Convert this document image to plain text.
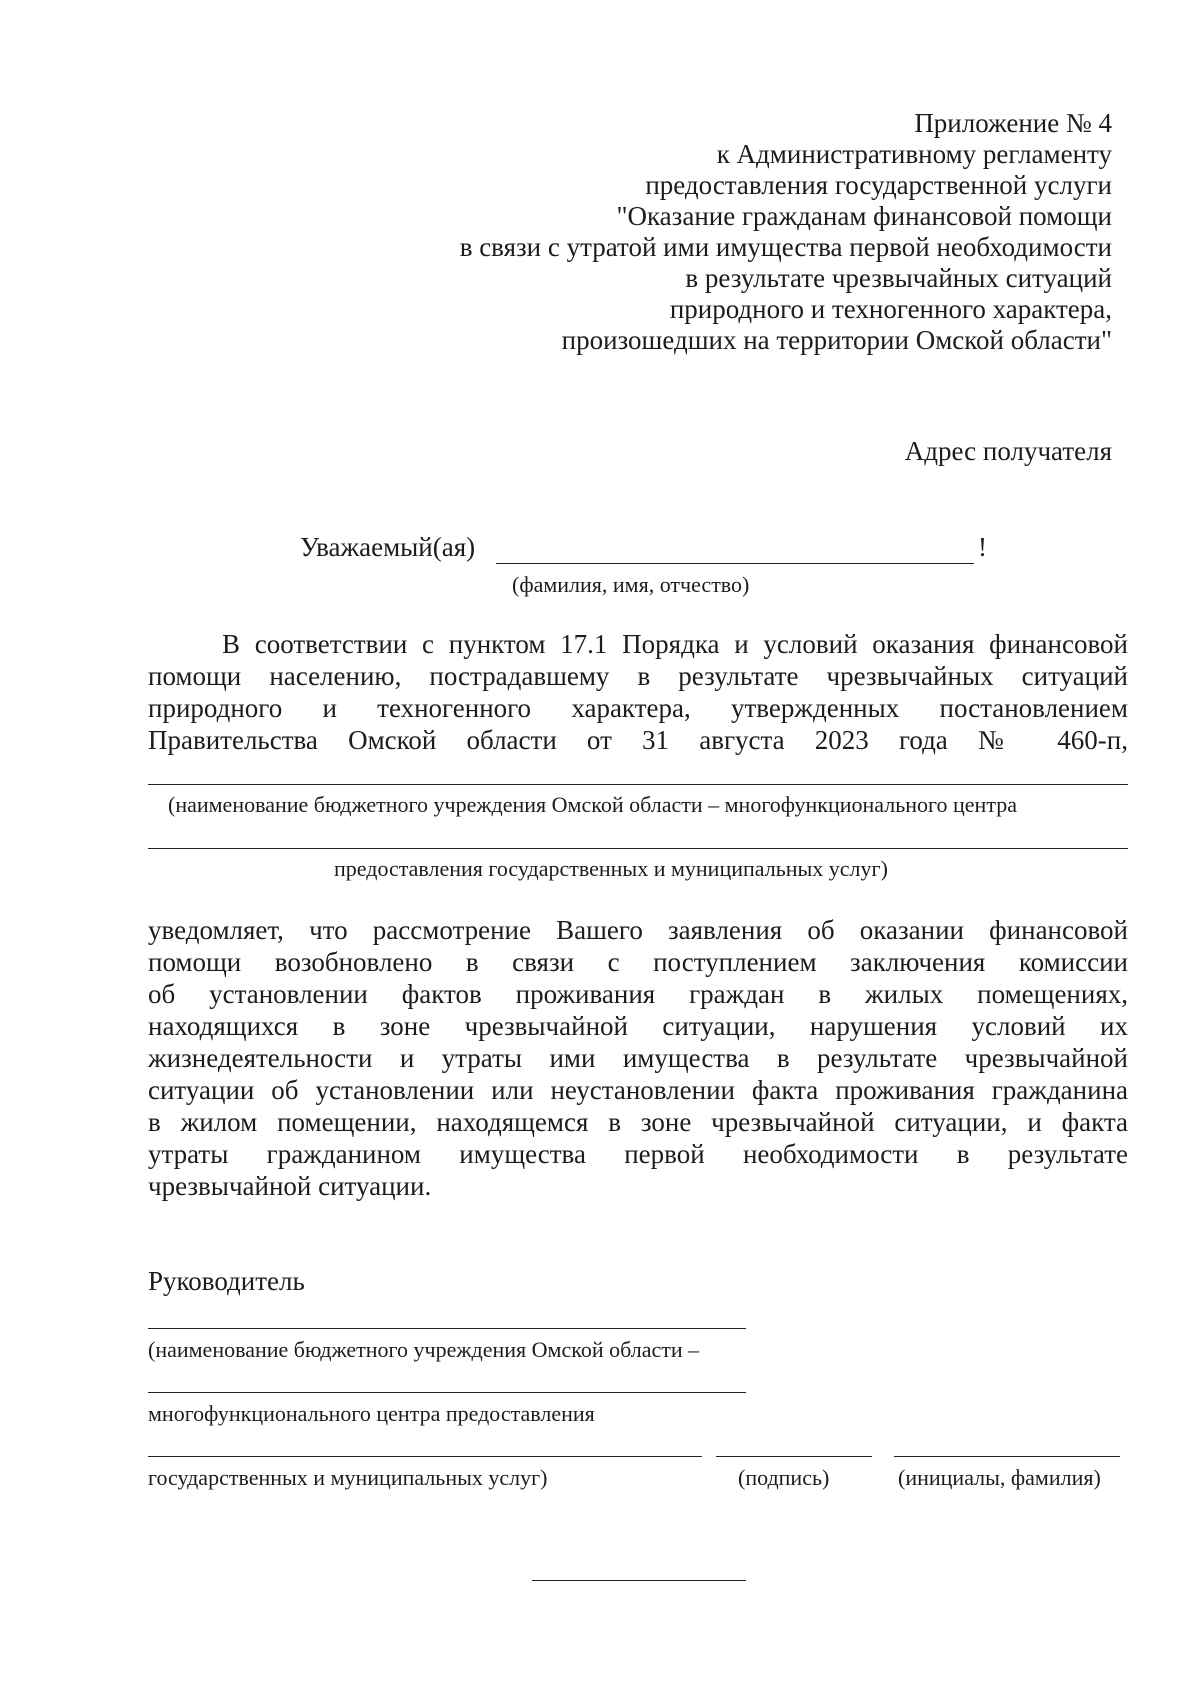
Приложение № 4
к Административному регламенту
предоставления государственной услуги
"Оказание гражданам финансовой помощи
в связи с утратой ими имущества первой необходимости
в результате чрезвычайных ситуаций
природного и техногенного характера,
произошедших на территории Омской области"
Адрес получателя
Уважаемый(ая)	!
(фамилия, имя, отчество)
В соответствии с пунктом 17.1 Порядка и условий оказания финансовой
помощи населению, пострадавшему в результате чрезвычайных ситуаций
природного и техногенного характера, утвержденных постановлением
Правительства Омской области от 31 августа 2023 года № 460-п,
(наименование бюджетного учреждения Омской области – многофункционального центра
предоставления государственных и муниципальных услуг)
уведомляет, что рассмотрение Вашего заявления об оказании финансовой
помощи возобновлено в связи с поступлением заключения комиссии
об установлении фактов проживания граждан в жилых помещениях,
находящихся в зоне чрезвычайной ситуации, нарушения условий их
жизнедеятельности и утраты ими имущества в результате чрезвычайной
ситуации об установлении или неустановлении факта проживания гражданина
в жилом помещении, находящемся в зоне чрезвычайной ситуации, и факта
утраты гражданином имущества первой необходимости в результате
чрезвычайной ситуации.
Руководитель
(наименование бюджетного учреждения Омской области –
многофункционального центра предоставления
государственных и муниципальных услуг)	(подпись)	(инициалы, фамилия)
